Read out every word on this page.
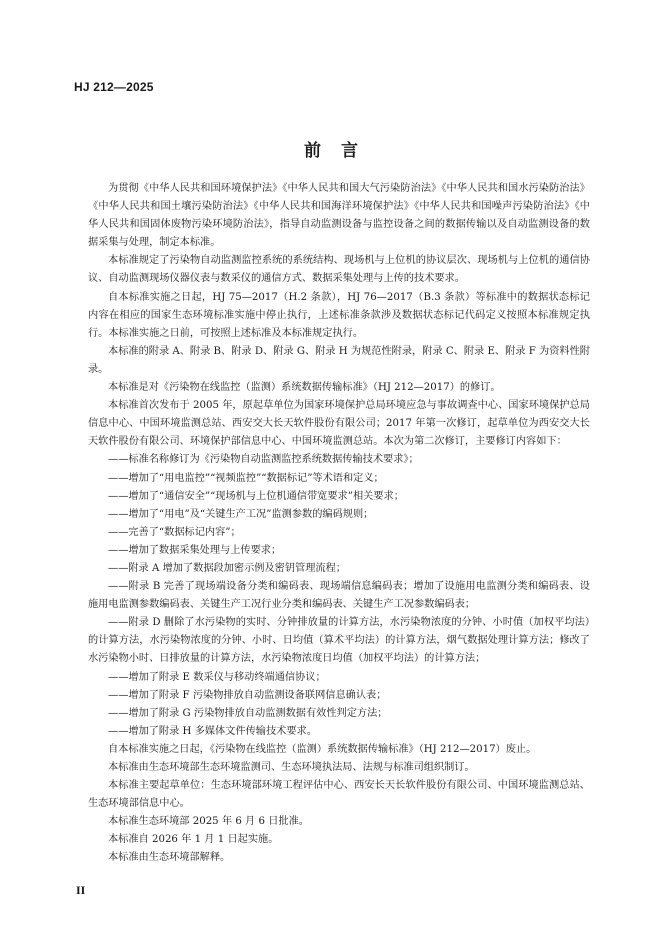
HJ 212—2025
前言

为贯彻《中华人民共和国环境保护法》《中华人民共和国大气污染防治法》《中华人民共和国水污染防治法》《中华人民共和国土壤污染防治法》《中华人民共和国海洋环境保护法》《中华人民共和国噪声污染防治法》《中华人民共和国固体废物污染环境防治法》，指导自动监测设备与监控设备之间的数据传输以及自动监测设备的数据采集与处理，制定本标准。

本标准规定了污染物自动监测监控系统的系统结构、现场机与上位机的协议层次、现场机与上位机的通信协议、自动监测现场仪器仪表与数采仪的通信方式、数据采集处理与上传的技术要求。

自本标准实施之日起，HJ 75—2017（H.2 条款），HJ 76—2017（B.3 条款）等标准中的数据状态标记内容在相应的国家生态环境标准实施中停止执行，上述标准条款涉及数据状态标记代码定义按照本标准规定执行。本标准实施之日前，可按照上述标准及本标准规定执行。

本标准的附录 A、附录 B、附录 D、附录 G、附录 H 为规范性附录，附录 C、附录 E、附录 F 为资料性附录。

本标准是对《污染物在线监控（监测）系统数据传输标准》（HJ 212—2017）的修订。

本标准首次发布于 2005 年，原起草单位为国家环境保护总局环境应急与事故调查中心、国家环境保护总局信息中心、中国环境监测总站、西安交大长天软件股份有限公司；2017 年第一次修订，起草单位为西安交大长天软件股份有限公司、环境保护部信息中心、中国环境监测总站。本次为第二次修订，主要修订内容如下：

——标准名称修订为《污染物自动监测监控系统数据传输技术要求》；

——增加了“用电监控”“视频监控”“数据标记”等术语和定义；

——增加了“通信安全”“现场机与上位机通信带宽要求”相关要求；

——增加了“用电”及“关键生产工况”监测参数的编码规则；

——完善了“数据标记内容”；

——增加了数据采集处理与上传要求；

——附录 A 增加了数据段加密示例及密钥管理流程；

——附录 B 完善了现场端设备分类和编码表、现场端信息编码表；增加了设施用电监测分类和编码表、设施用电监测参数编码表、关键生产工况行业分类和编码表、关键生产工况参数编码表；

——附录 D 删除了水污染物的实时、分钟排放量的计算方法，水污染物浓度的分钟、小时值（加权平均法）的计算方法，水污染物浓度的分钟、小时、日均值（算术平均法）的计算方法，烟气数据处理计算方法；修改了水污染物小时、日排放量的计算方法，水污染物浓度日均值（加权平均法）的计算方法；

——增加了附录 E 数采仪与移动终端通信协议；

——增加了附录 F 污染物排放自动监测设备联网信息确认表；

——增加了附录 G 污染物排放自动监测数据有效性判定方法；

——增加了附录 H 多媒体文件传输技术要求。

自本标准实施之日起，《污染物在线监控（监测）系统数据传输标准》（HJ 212—2017）废止。

本标准由生态环境部生态环境监测司、生态环境执法局、法规与标准司组织制订。

本标准主要起草单位：生态环境部环境工程评估中心、西安长天长软件股份有限公司、中国环境监测总站、生态环境部信息中心。

本标准生态环境部 2025 年 6 月 6 日批准。

本标准自 2026 年 1 月 1 日起实施。

本标准由生态环境部解释。

II
